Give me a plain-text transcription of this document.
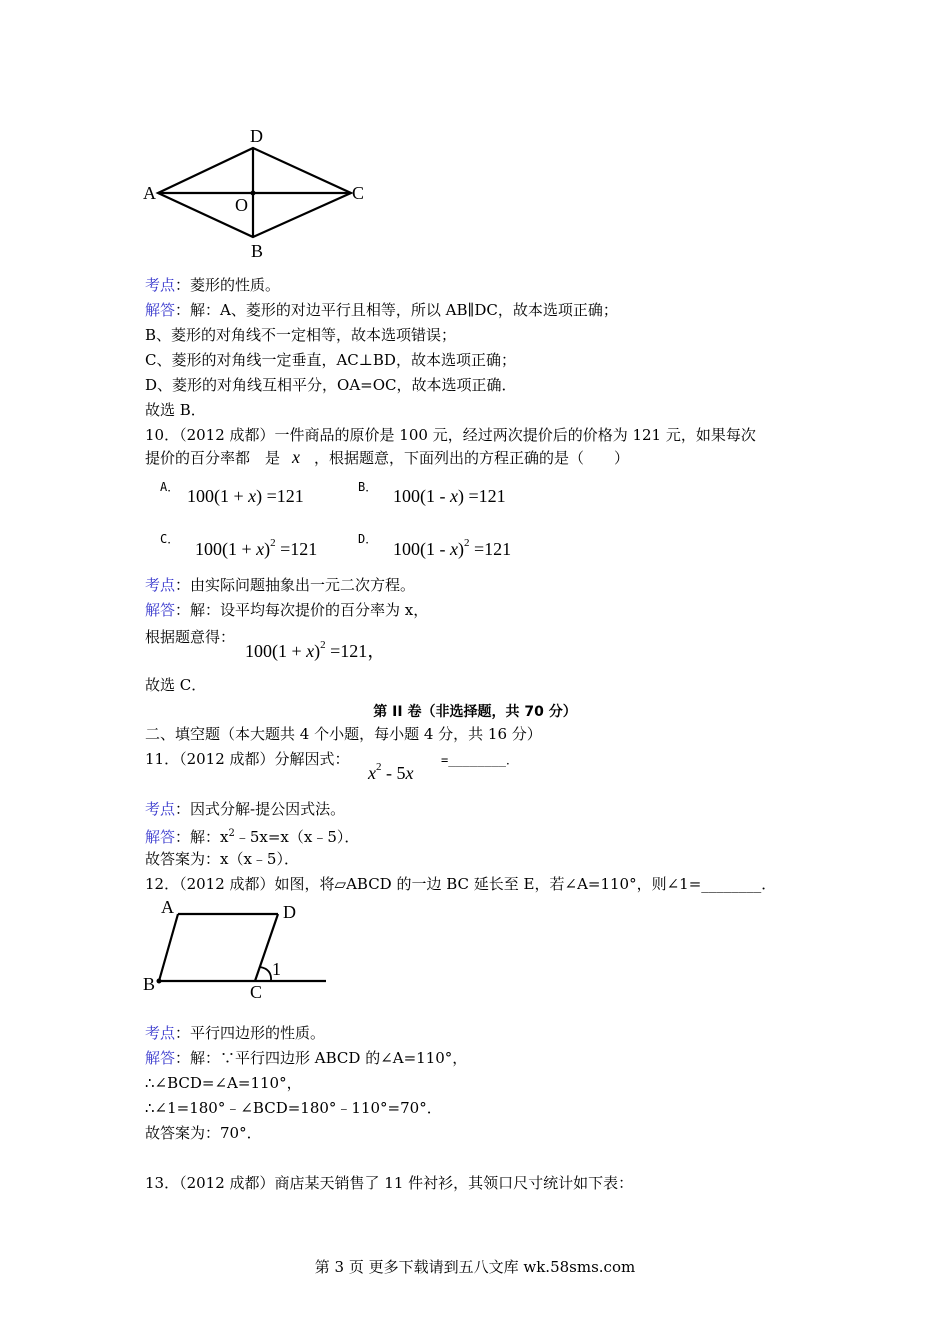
A
D
C
O
B
考点：菱形的性质。
解答：解：A、菱形的对边平行且相等，所以 AB∥DC，故本选项正确；
B、菱形的对角线不一定相等，故本选项错误；
C、菱形的对角线一定垂直，AC⊥BD，故本选项正确；
D、菱形的对角线互相平分，OA=OC，故本选项正确．
故选 B．
10．（2012 成都）一件商品的原价是 100 元，经过两次提价后的价格为 121 元，如果每次
提价的百分率都　是 x ，根据题意，下面列出的方程正确的是（　　）
A． 100(1 + x) =121	B． 100(1 - x) =121
C． $100(1 + x)^2 =121$	D． 100(1 - x)$^2$ =121
考点：由实际问题抽象出一元二次方程。
解答：解：设平均每次提价的百分率为 x，
根据题意得：
$100(1 + x)^2 =121$，
故选 C．
第 II 卷（非选择题，共 70 分）
二、填空题（本大题共 4 个小题，每小题 4 分，共 16 分）
11．（2012 成都）分解因式：
$x^2 - 5x$
=________．
考点：因式分解-提公因式法。
解答：解：$x^2﹣5x=x(x﹣5)$．
故答案为：x（x﹣5）．
12．（2012 成都）如图，将▱ABCD 的一边 BC 延长至 E，若∠A=110°，则∠1=________．
A	D
1
B	C
考点：平行四边形的性质。
解答：解：∵平行四边形 ABCD 的∠A=110°，
∴∠BCD=∠A=110°，
∴∠1=180°﹣∠BCD=180°﹣110°=70°．
故答案为：70°．
13．（2012 成都）商店某天销售了 11 件衬衫，其领口尺寸统计如下表：
第 3 页 更多下载请到五八文库 wk.58sms.com
